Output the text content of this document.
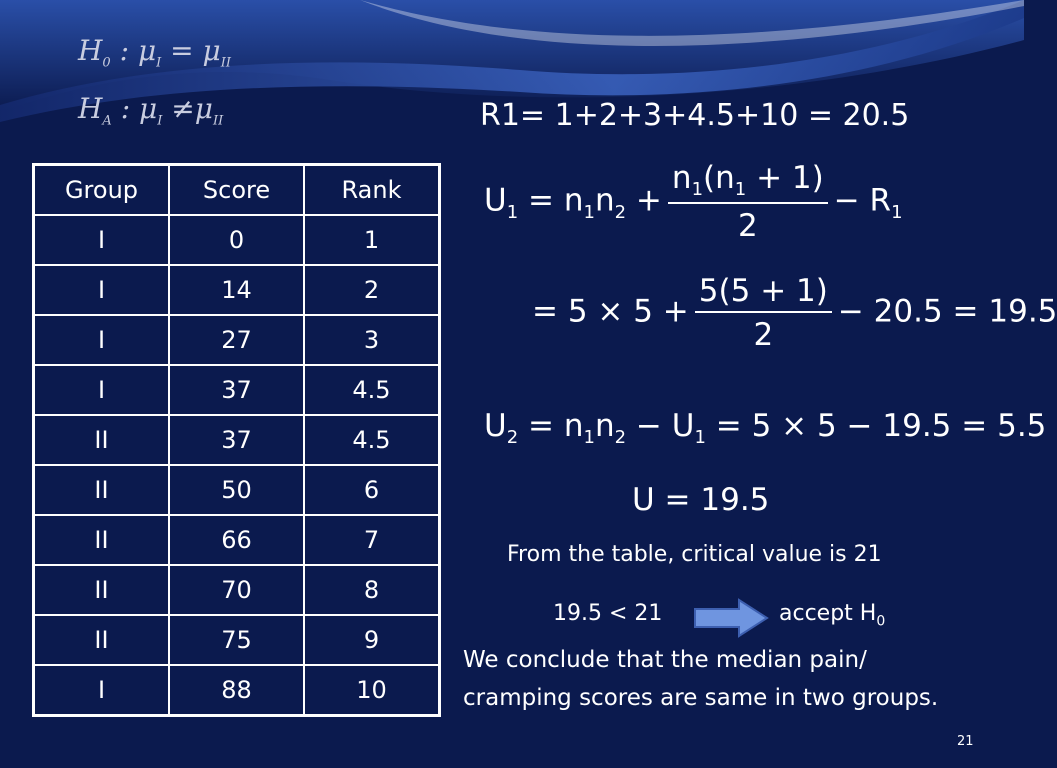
$H_0$ : $\mu_I = \mu_{II}$
$H_A$ : $\mu_I \ne\mu_{II}$
Group	Score	Rank
I	0	1
I	14	2
I	27	3
I	37	4.5
II	37	4.5
II	50	6
II	66	7
II	70	8
II	75	9
I	88	10
R1= 1+2+3+4.5+10 = 20.5
$U_1 = n_1n_2 + \frac{n_1(n_1 + 1)}{2} - R_1$
= $5 \times 5 + \frac{5(5 + 1)}{2} - 20.5 = 19.5$
$U_2 = n_1n_2 - U_1 = 5 \times 5 - 19.5 = 5.5$
U = 19.5
From the table, critical value is 21
19.5 < 21	accept $H_0$
We conclude that the median pain/
cramping scores are same in two groups.
21
